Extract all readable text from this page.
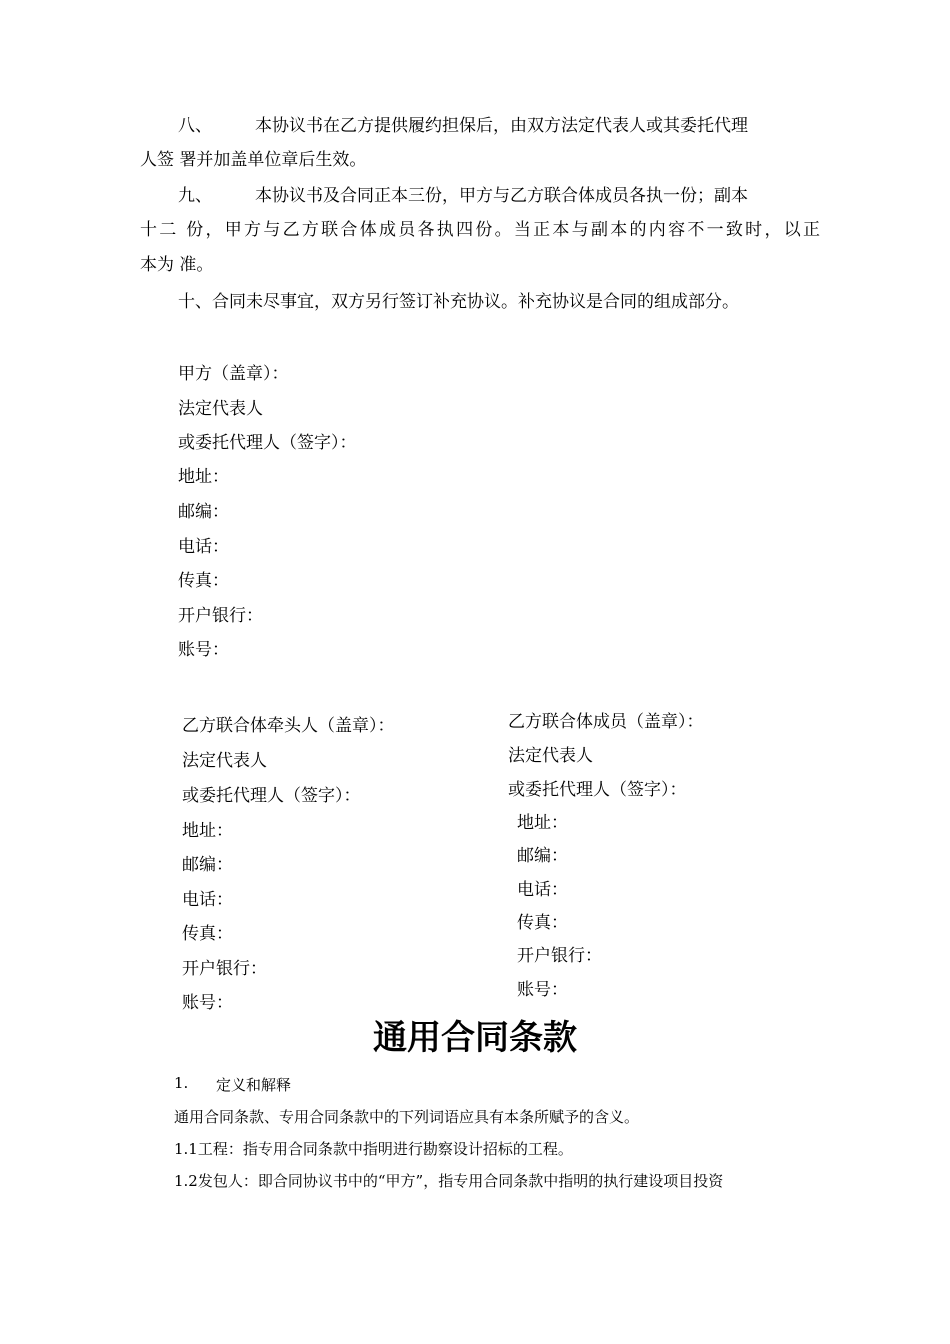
八、	本协议书在乙方提供履约担保后，由双方法定代表人或其委托代理
人签 署并加盖单位章后生效。
九、	本协议书及合同正本三份，甲方与乙方联合体成员各执一份；副本
十二 份，甲方与乙方联合体成员各执四份。当正本与副本的内容不一致时，以正
本为 准。
十、合同未尽事宜，双方另行签订补充协议。补充协议是合同的组成部分。
甲方（盖章）：
法定代表人
或委托代理人（签字）：
地址：
邮编：
电话：
传真：
开户银行：
账号：
乙方联合体牵头人（盖章）：
法定代表人
或委托代理人（签字）：
地址：
邮编：
电话：
传真：
开户银行：
账号：
乙方联合体成员（盖章）：
法定代表人
或委托代理人（签字）：
地址：
邮编：
电话：
传真：
开户银行：
账号：
通用合同条款
1. 定义和解释
通用合同条款、专用合同条款中的下列词语应具有本条所赋予的含义。
1.1工程：指专用合同条款中指明进行勘察设计招标的工程。
1.2发包人：即合同协议书中的“甲方”，指专用合同条款中指明的执行建设项目投资
